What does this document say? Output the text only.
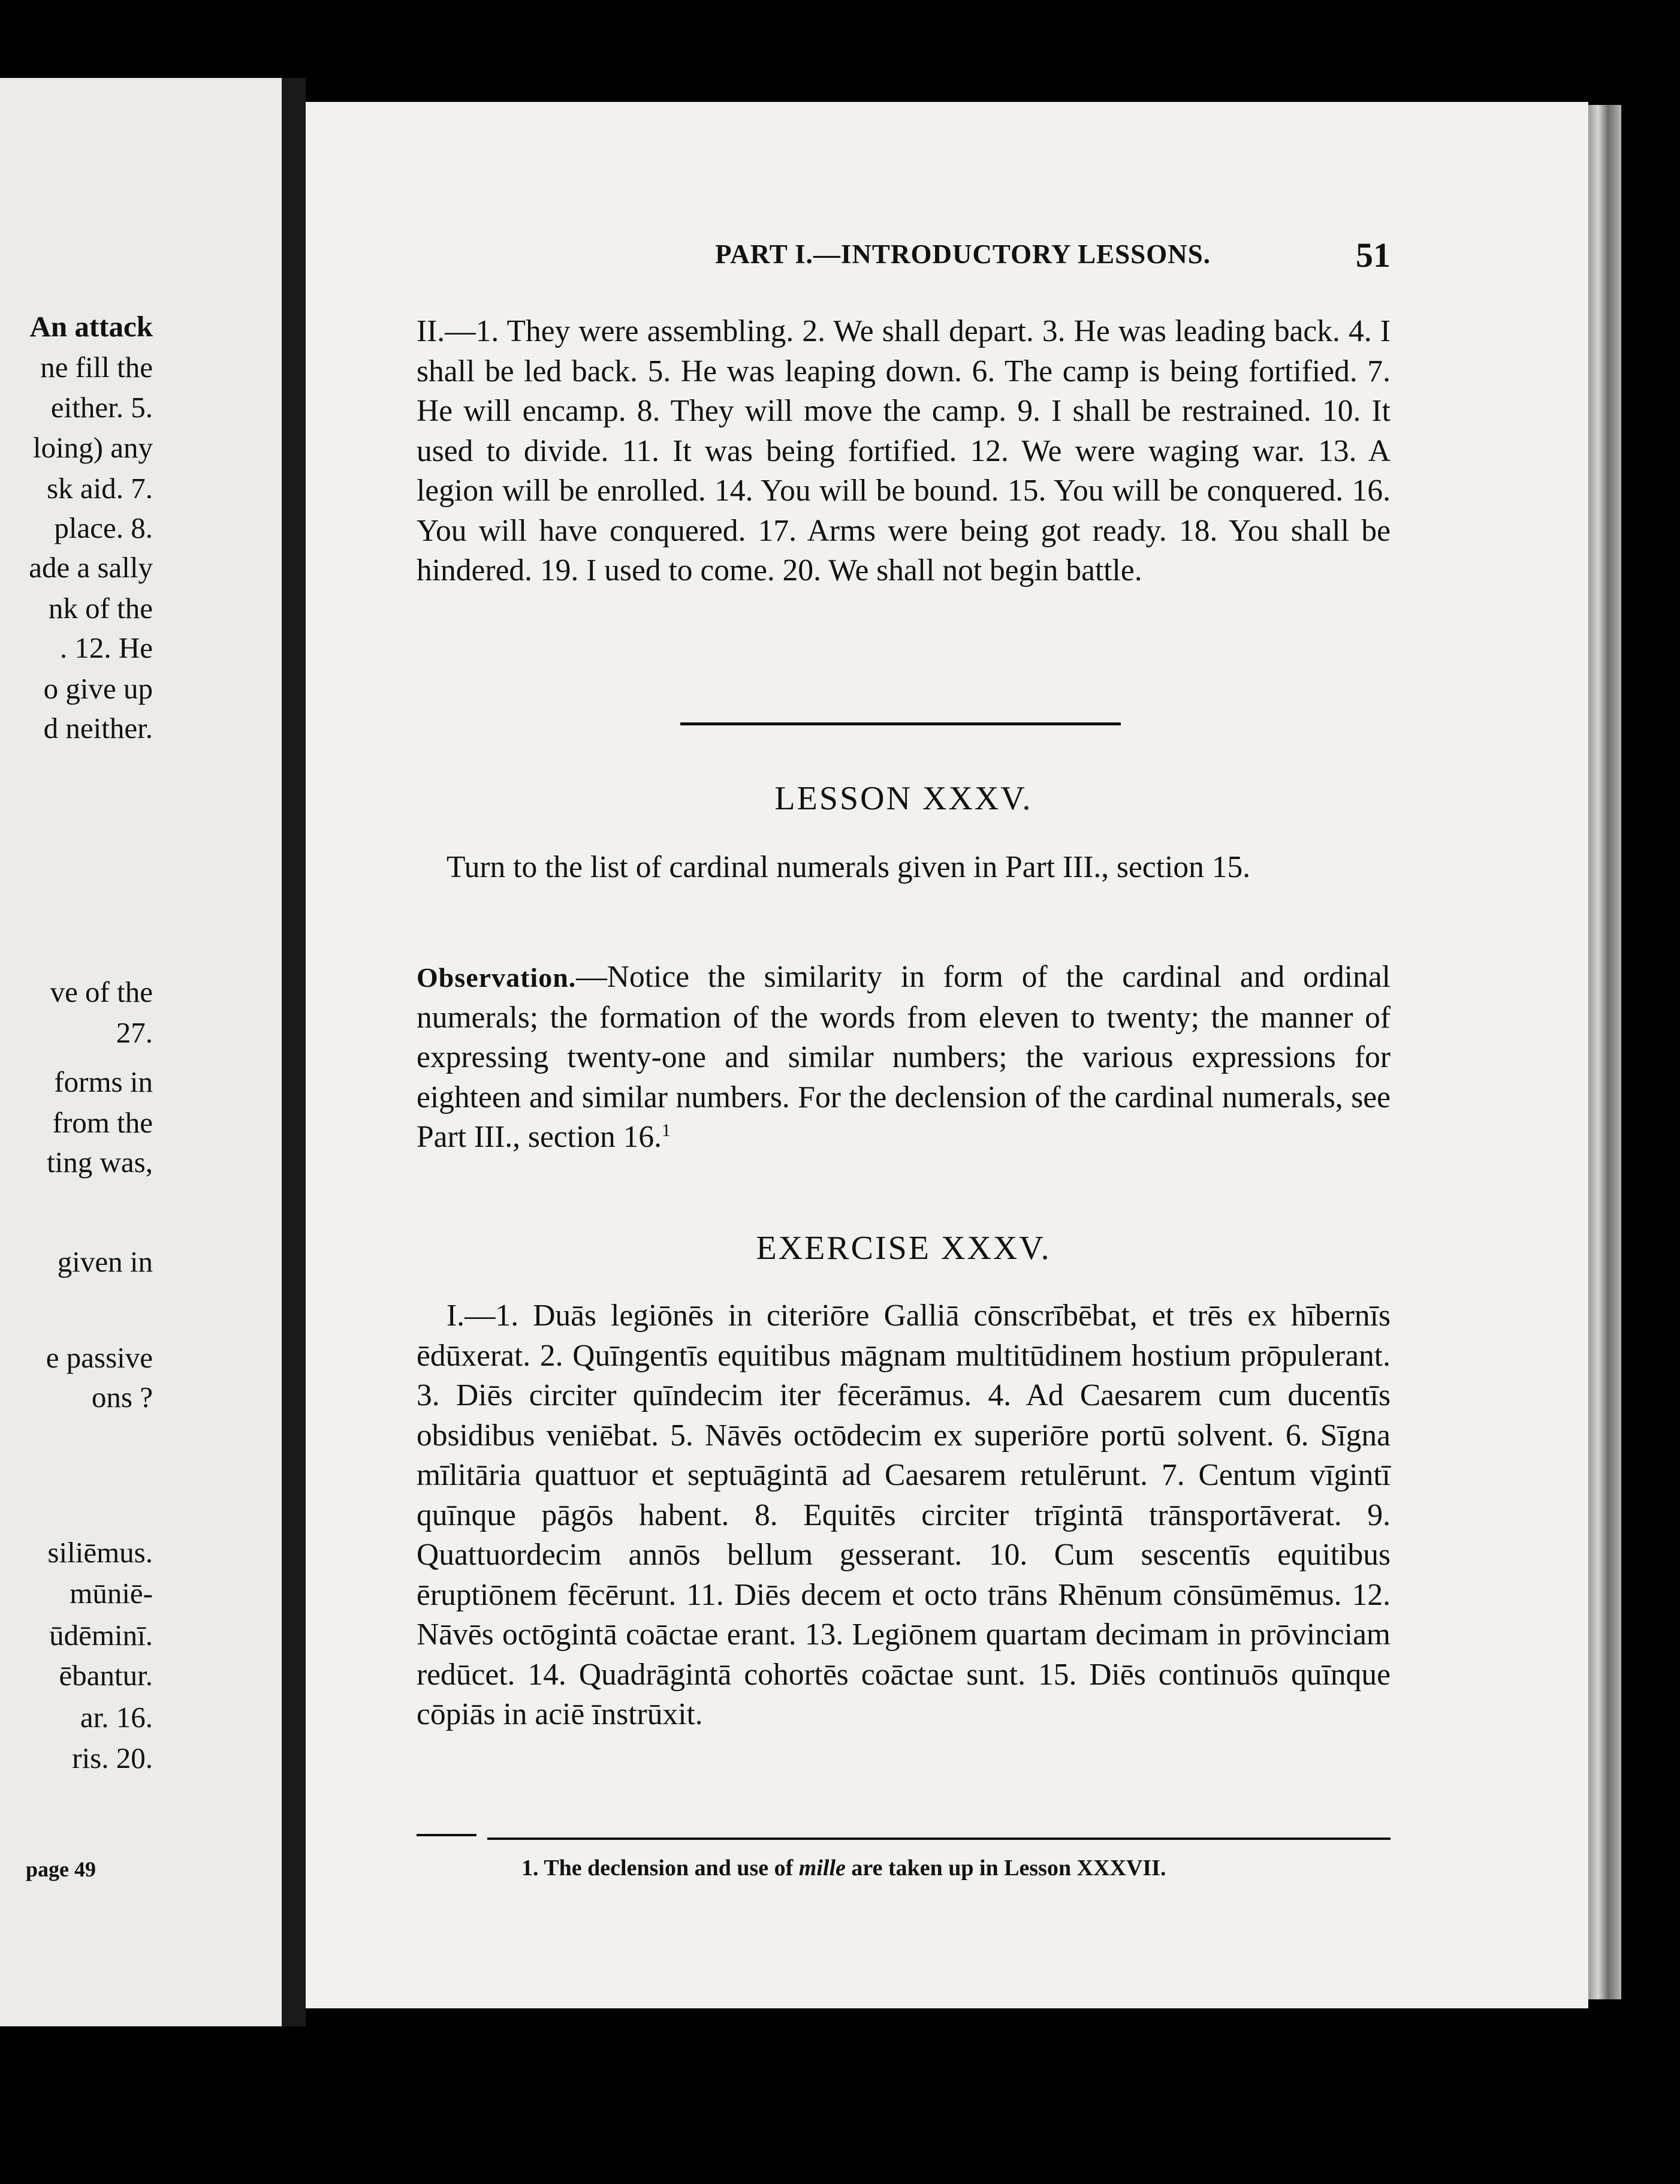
An attack
ne fill the
either. 5.
loing) any
sk aid. 7.
place. 8.
ade a sally
nk of the
. 12. He
o give up
d neither.
ve of the
27.
forms in
from the
ting was,
given in
e passive
ons ?
siliēmus.
mūniē-
ūdēminī.
ēbantur.
ar. 16.
ris. 20.
page 49
PART I.—INTRODUCTORY LESSONS.	51
II.—1. They were assembling. 2. We shall depart. 3. He was leading back. 4. I shall be led back. 5. He was leaping down. 6. The camp is being fortified. 7. He will encamp. 8. They will move the camp. 9. I shall be restrained. 10. It used to divide. 11. It was being fortified. 12. We were waging war. 13. A legion will be enrolled. 14. You will be bound. 15. You will be conquered. 16. You will have conquered. 17. Arms were being got ready. 18. You shall be hindered. 19. I used to come. 20. We shall not begin battle.
LESSON XXXV.
Turn to the list of cardinal numerals given in Part III., section 15.
Observation.—Notice the similarity in form of the cardinal and ordinal numerals; the formation of the words from eleven to twenty; the manner of expressing twenty-one and similar numbers; the various expressions for eighteen and similar numbers. For the declension of the cardinal numerals, see Part III., section 16.$^1$
EXERCISE XXXV.
I.—1. Duās legiōnēs in citeriōre Galliā cōnscrībēbat, et trēs ex hībernīs ēdūxerat. 2. Quīngentīs equitibus māgnam multitūdinem hostium prōpulerant. 3. Diēs circiter quīndecim iter fēcerāmus. 4. Ad Caesarem cum ducentīs obsidibus veniēbat. 5. Nāvēs octōdecim ex superiōre portū solvent. 6. Sīgna mīlitāria quattuor et septuāgintā ad Caesarem retulērunt. 7. Centum vīgintī quīnque pāgōs habent. 8. Equitēs circiter trīgintā trānsportāverat. 9. Quattuordecim annōs bellum gesserant. 10. Cum sescentīs equitibus ēruptiōnem fēcērunt. 11. Diēs decem et octo trāns Rhēnum cōnsūmēmus. 12. Nāvēs octōgintā coāctae erant. 13. Legiōnem quartam decimam in prōvinciam redūcet. 14. Quadrāgintā cohortēs coāctae sunt. 15. Diēs continuōs quīnque cōpiās in aciē īnstrūxit.
1. The declension and use of mille are taken up in Lesson XXXVII.
